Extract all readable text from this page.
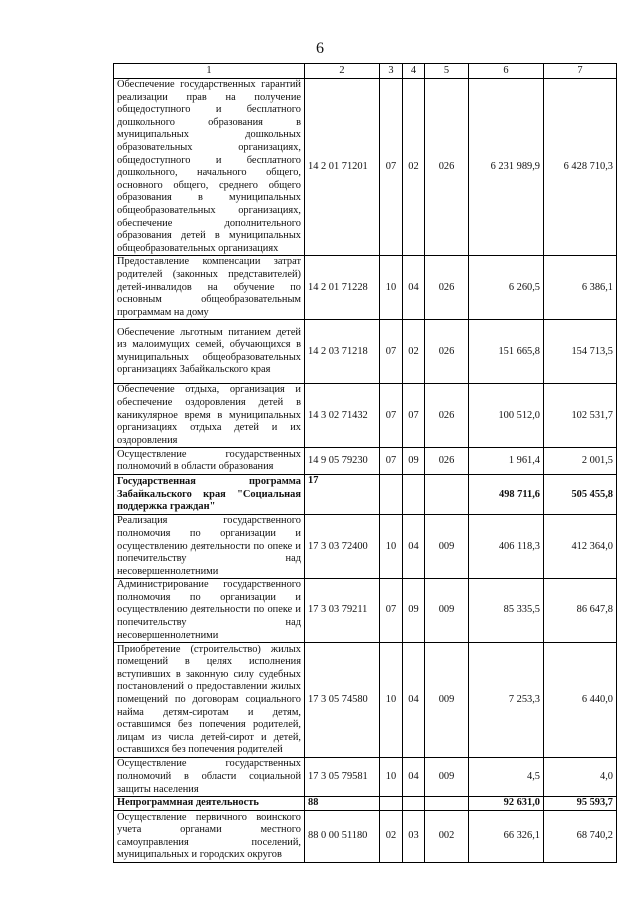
6
1	2	3	4	5	6	7
Обеспечение государственных гарантий реализации прав на получение общедоступного и бесплатного дошкольного образования в муниципальных дошкольных образовательных организациях, общедоступного и бесплатного дошкольного, начального общего, основного общего, среднего общего образования в муниципальных общеобразовательных организациях, обеспечение дополнительного образования детей в муниципальных общеобразовательных организациях	14 2 01 71201	07	02	026	6 231 989,9	6 428 710,3
Предоставление компенсации затрат родителей (законных представителей) детей-инвалидов на обучение по основным общеобразовательным программам на дому	14 2 01 71228	10	04	026	6 260,5	6 386,1
Обеспечение льготным питанием детей из малоимущих семей, обучающихся в муниципальных общеобразовательных организациях Забайкальского края	14 2 03 71218	07	02	026	151 665,8	154 713,5
Обеспечение отдыха, организация и обеспечение оздоровления детей в каникулярное время в муниципальных организациях отдыха детей и их оздоровления	14 3 02 71432	07	07	026	100 512,0	102 531,7
Осуществление государственных полномочий в области образования	14 9 05 79230	07	09	026	1 961,4	2 001,5
Государственная программа Забайкальского края "Социальная поддержка граждан"	17				498 711,6	505 455,8
Реализация государственного полномочия по организации и осуществлению деятельности по опеке и попечительству над несовершеннолетними	17 3 03 72400	10	04	009	406 118,3	412 364,0
Администрирование государственного полномочия по организации и осуществлению деятельности по опеке и попечительству над несовершеннолетними	17 3 03 79211	07	09	009	85 335,5	86 647,8
Приобретение (строительство) жилых помещений в целях исполнения вступивших в законную силу судебных постановлений о предоставлении жилых помещений по договорам социального найма детям-сиротам и детям, оставшимся без попечения родителей, лицам из числа детей-сирот и детей, оставшихся без попечения родителей	17 3 05 74580	10	04	009	7 253,3	6 440,0
Осуществление государственных полномочий в области социальной защиты населения	17 3 05 79581	10	04	009	4,5	4,0
Непрограммная деятельность	88				92 631,0	95 593,7
Осуществление первичного воинского учета органами местного самоуправления поселений, муниципальных и городских округов	88 0 00 51180	02	03	002	66 326,1	68 740,2
